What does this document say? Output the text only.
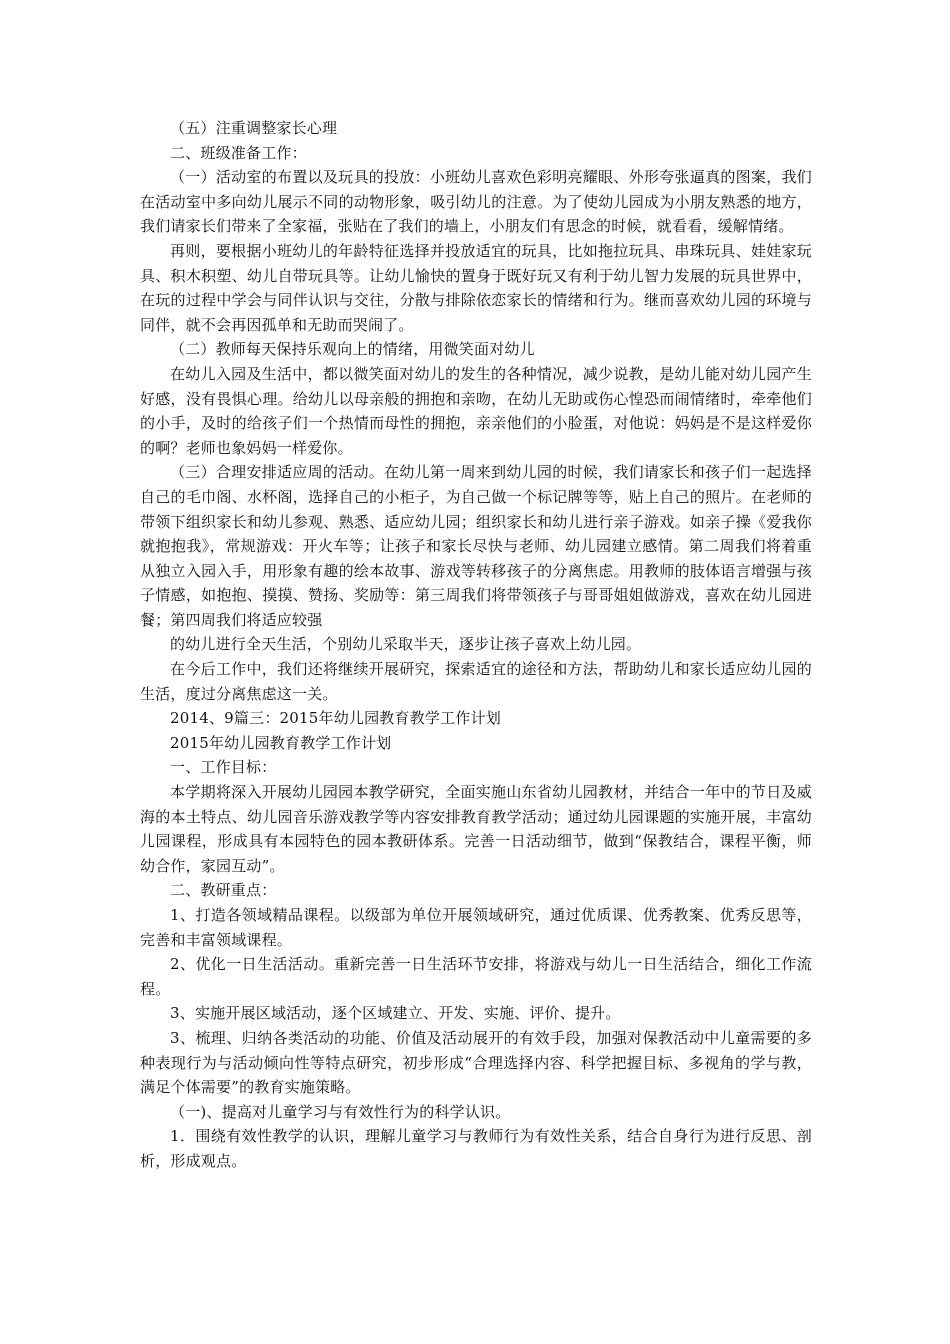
（五）注重调整家长心理

二、班级准备工作：

（一）活动室的布置以及玩具的投放：小班幼儿喜欢色彩明亮耀眼、外形夸张逼真的图案，我们在活动室中多向幼儿展示不同的动物形象，吸引幼儿的注意。为了使幼儿园成为小朋友熟悉的地方，我们请家长们带来了全家福，张贴在了我们的墙上，小朋友们有思念的时候，就看看，缓解情绪。

再则，要根据小班幼儿的年龄特征选择并投放适宜的玩具，比如拖拉玩具、串珠玩具、娃娃家玩具、积木积塑、幼儿自带玩具等。让幼儿愉快的置身于既好玩又有利于幼儿智力发展的玩具世界中，在玩的过程中学会与同伴认识与交往，分散与排除依恋家长的情绪和行为。继而喜欢幼儿园的环境与同伴，就不会再因孤单和无助而哭闹了。

（二）教师每天保持乐观向上的情绪，用微笑面对幼儿

在幼儿入园及生活中，都以微笑面对幼儿的发生的各种情况，减少说教，是幼儿能对幼儿园产生好感，没有畏惧心理。给幼儿以母亲般的拥抱和亲吻，在幼儿无助或伤心惶恐而闹情绪时，牵牵他们的小手，及时的给孩子们一个热情而母性的拥抱，亲亲他们的小脸蛋，对他说：妈妈是不是这样爱你的啊？老师也象妈妈一样爱你。

（三）合理安排适应周的活动。在幼儿第一周来到幼儿园的时候，我们请家长和孩子们一起选择自己的毛巾阁、水杯阁，选择自己的小柜子，为自己做一个标记牌等等，贴上自己的照片。在老师的带领下组织家长和幼儿参观、熟悉、适应幼儿园；组织家长和幼儿进行亲子游戏。如亲子操《爱我你就抱抱我》，常规游戏：开火车等；让孩子和家长尽快与老师、幼儿园建立感情。第二周我们将着重从独立入园入手，用形象有趣的绘本故事、游戏等转移孩子的分离焦虑。用教师的肢体语言增强与孩子情感，如抱抱、摸摸、赞扬、奖励等：第三周我们将带领孩子与哥哥姐姐做游戏，喜欢在幼儿园进餐；第四周我们将适应较强

的幼儿进行全天生活，个别幼儿采取半天，逐步让孩子喜欢上幼儿园。

在今后工作中，我们还将继续开展研究，探索适宜的途径和方法，帮助幼儿和家长适应幼儿园的生活，度过分离焦虑这一关。

2014、9篇三：2015年幼儿园教育教学工作计划

2015年幼儿园教育教学工作计划

一、工作目标：

本学期将深入开展幼儿园园本教学研究，全面实施山东省幼儿园教材，并结合一年中的节日及威海的本土特点、幼儿园音乐游戏教学等内容安排教育教学活动；通过幼儿园课题的实施开展，丰富幼儿园课程，形成具有本园特色的园本教研体系。完善一日活动细节，做到“保教结合，课程平衡，师幼合作，家园互动”。

二、教研重点：

1、打造各领域精品课程。以级部为单位开展领域研究，通过优质课、优秀教案、优秀反思等，完善和丰富领域课程。

2、优化一日生活活动。重新完善一日生活环节安排，将游戏与幼儿一日生活结合，细化工作流程。

3、实施开展区域活动，逐个区域建立、开发、实施、评价、提升。

3、梳理、归纳各类活动的功能、价值及活动展开的有效手段，加强对保教活动中儿童需要的多种表现行为与活动倾向性等特点研究，初步形成“合理选择内容、科学把握目标、多视角的学与教，满足个体需要”的教育实施策略。

（一)、提高对儿童学习与有效性行为的科学认识。

1．围绕有效性教学的认识，理解儿童学习与教师行为有效性关系，结合自身行为进行反思、剖析，形成观点。
